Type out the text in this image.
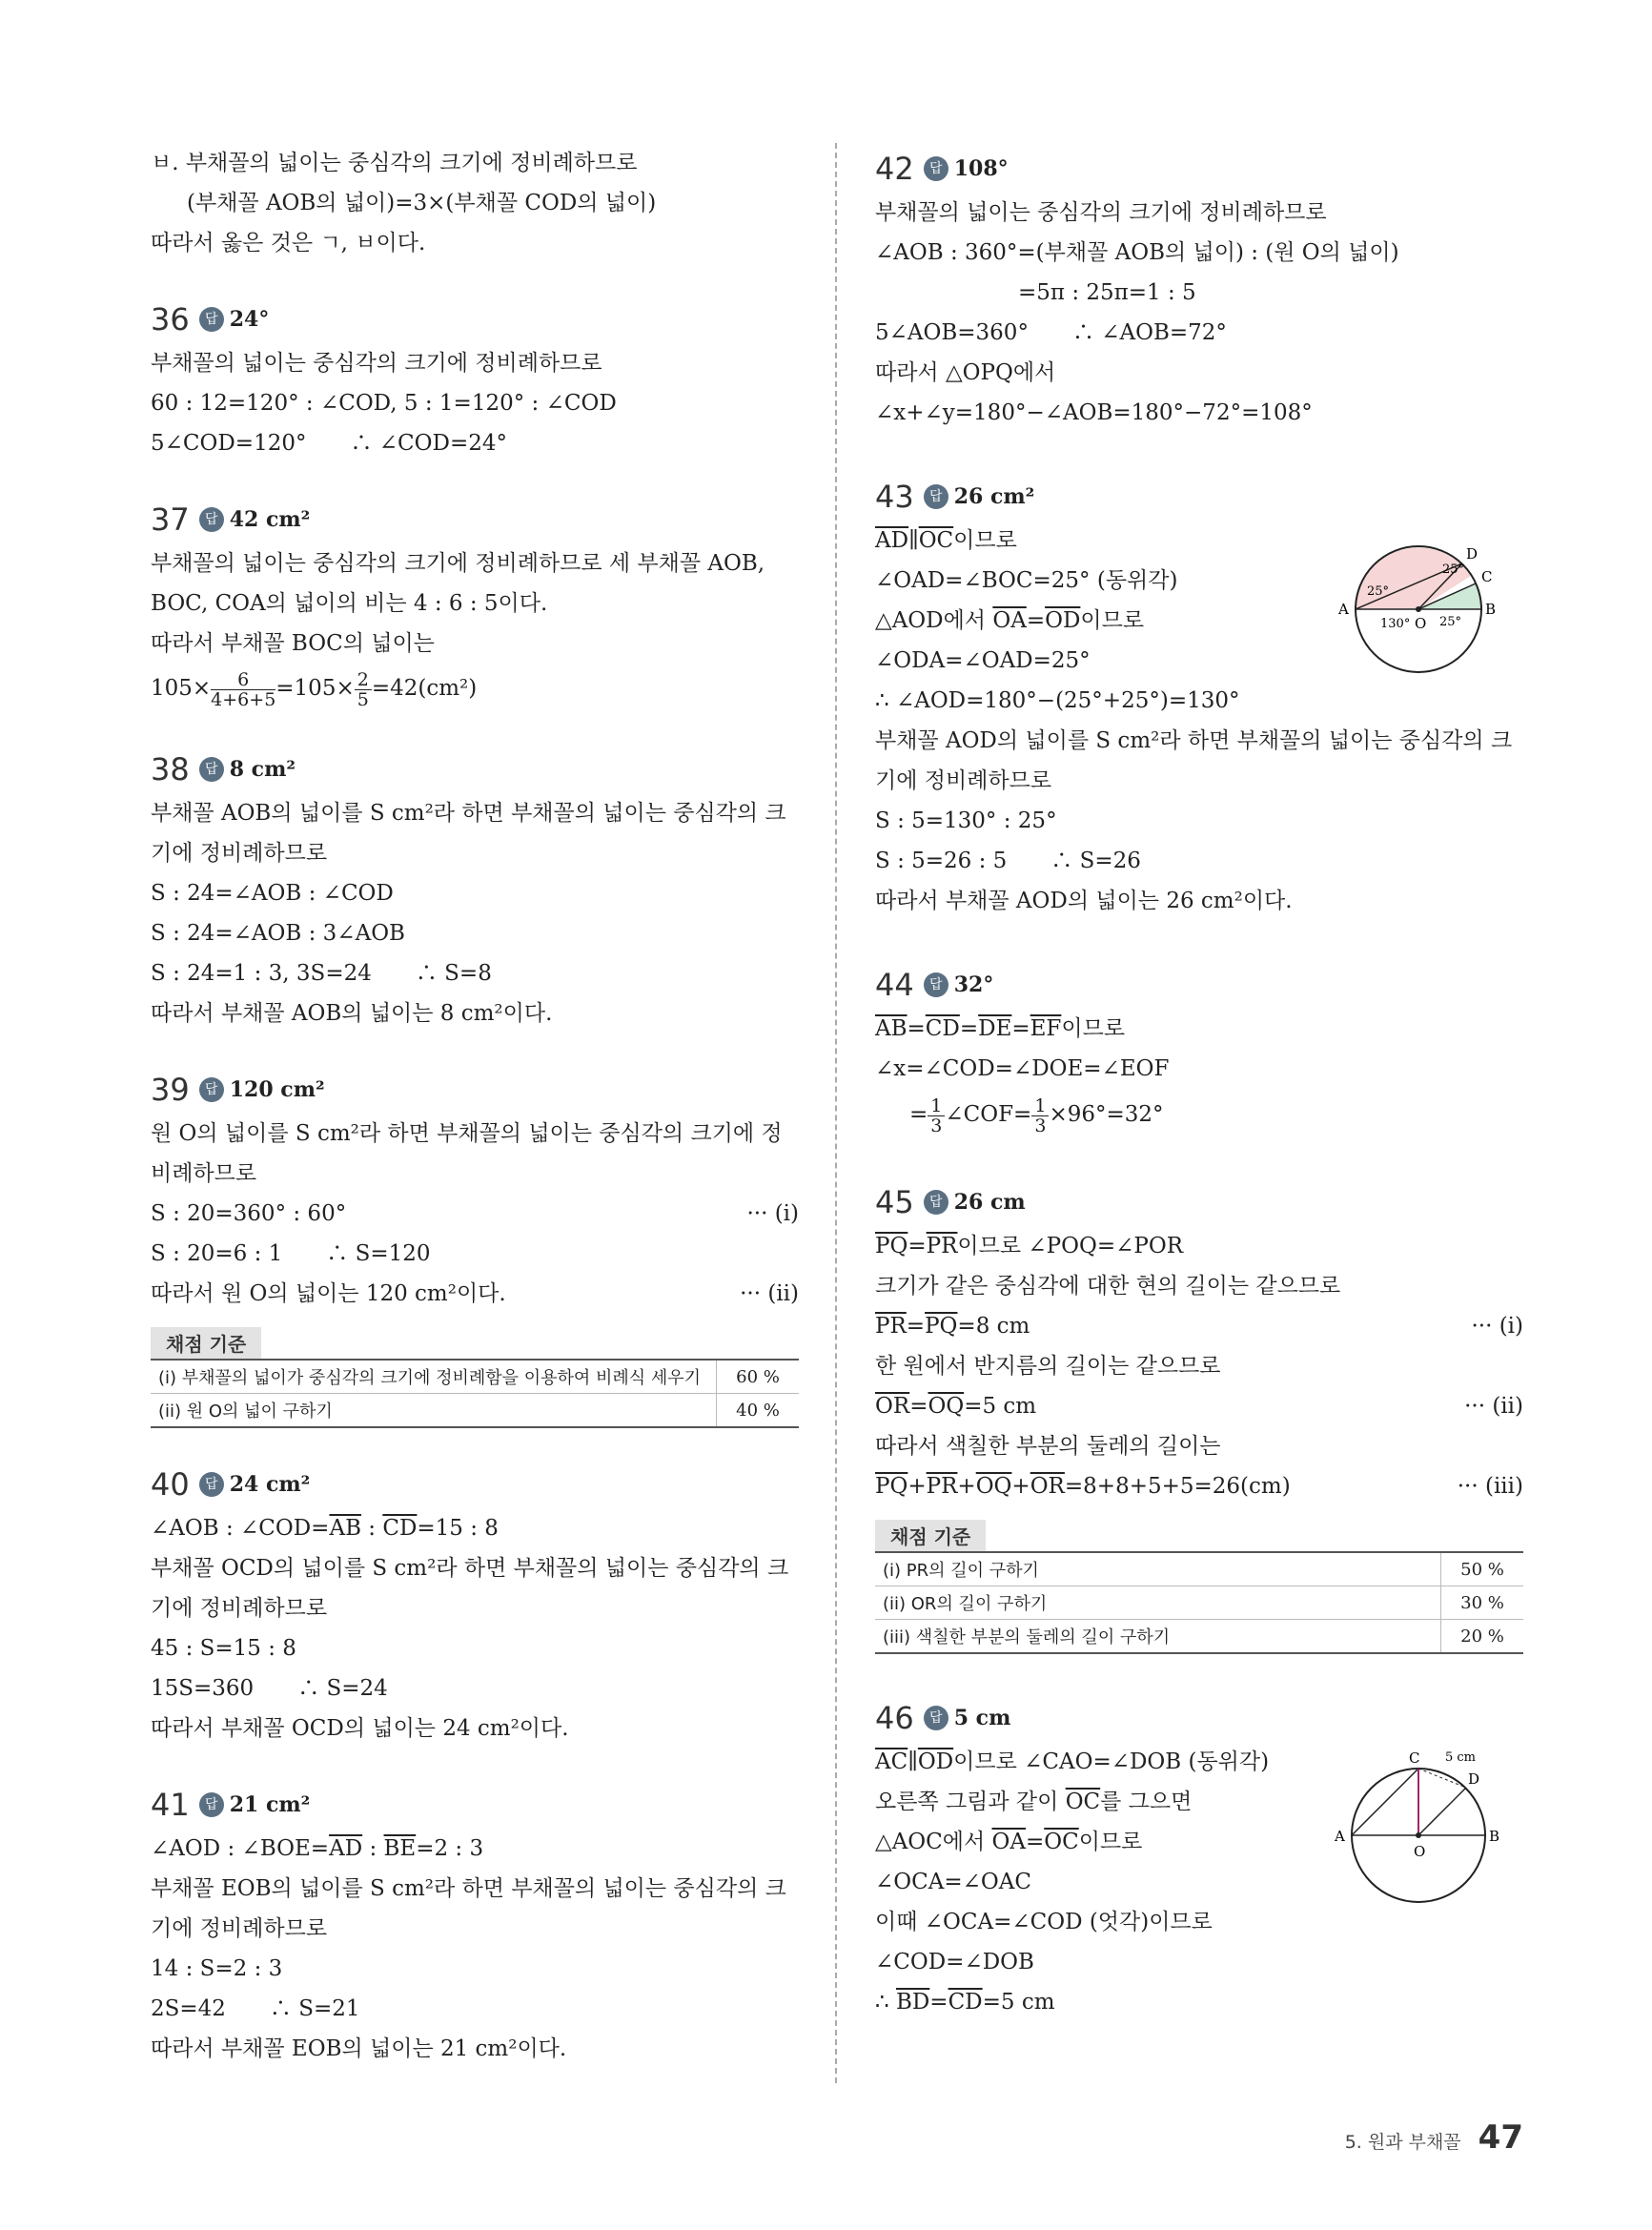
ㅂ. 부채꼴의 넓이는 중심각의 크기에 정비례하므로
(부채꼴 AOB의 넓이)=3×(부채꼴 COD의 넓이)
따라서 옳은 것은 ㄱ, ㅂ이다.
36 답 24°
부채꼴의 넓이는 중심각의 크기에 정비례하므로
60 : 12=120° : ∠COD, 5 : 1=120° : ∠COD
5∠COD=120°　　∴ ∠COD=24°
37 답 42 cm²
부채꼴의 넓이는 중심각의 크기에 정비례하므로 세 부채꼴 AOB,
BOC, COA의 넓이의 비는 4 : 6 : 5이다.
따라서 부채꼴 BOC의 넓이는
$105\times \frac{6}{4+6+5} =105\times \frac{2}{5} =42(cm^2)$
38 답 8 cm²
부채꼴 AOB의 넓이를 S cm²라 하면 부채꼴의 넓이는 중심각의 크
기에 정비례하므로
S : 24=∠AOB : ∠COD
S : 24=∠AOB : 3∠AOB
S : 24=1 : 3, 3S=24　　∴ S=8
따라서 부채꼴 AOB의 넓이는 8 cm²이다.
39 답 120 cm²
원 O의 넓이를 S cm²라 하면 부채꼴의 넓이는 중심각의 크기에 정
비례하므로
S : 20=360° : 60°	··· (i)
S : 20=6 : 1　　∴ S=120
따라서 원 O의 넓이는 120 cm²이다.	··· (ii)
채점 기준
(i) 부채꼴의 넓이가 중심각의 크기에 정비례함을 이용하여 비례식 세우기	60 %
(ii) 원 O의 넓이 구하기	40 %
40 답 24 cm²
∠AOB : $\angle COD=\overline{AB}$ : $\overline{CD}=15$ : 8
부채꼴 OCD의 넓이를 S cm²라 하면 부채꼴의 넓이는 중심각의 크
기에 정비례하므로
45 : S=15 : 8
15S=360　　∴ S=24
따라서 부채꼴 OCD의 넓이는 24 cm²이다.
41 답 21 cm²
∠AOD : $\angle BOE=\overline{AD}$ : $\overline{BE}=2$ : 3
부채꼴 EOB의 넓이를 S cm²라 하면 부채꼴의 넓이는 중심각의 크
기에 정비례하므로
14 : S=2 : 3
2S=42　　∴ S=21
따라서 부채꼴 EOB의 넓이는 21 cm²이다.
42 답 108°
부채꼴의 넓이는 중심각의 크기에 정비례하므로
∠AOB : 360°=(부채꼴 AOB의 넓이) : (원 O의 넓이)
=5π : 25π=1 : 5
5∠AOB=360°　　∴ ∠AOB=72°
따라서 △OPQ에서
∠x+∠y=180°−∠AOB=180°−72°=108°
43 답 26 cm²
$\overline{AD}\parallel\overline{OC}$이므로
∠OAD=∠BOC=25° (동위각)
△AOD에서 $\overline{OA}=\overline{OD}$이므로
∠ODA=∠OAD=25°
∴ ∠AOD=180°−(25°+25°)=130°
부채꼴 AOD의 넓이를 S cm²라 하면 부채꼴의 넓이는 중심각의 크
기에 정비례하므로
S : 5=130° : 25°
S : 5=26 : 5　　∴ S=26
따라서 부채꼴 AOD의 넓이는 26 cm²이다.
A	B
C
D
O
25°
25°
130° 25°
44 답 32°
$\overline{AB}=\overline{CD}=\overline{DE}=\overline{EF}$이므로
∠x=∠COD=∠DOE=∠EOF
= $\frac{1}{3}$ ∠COF= $\frac{1}{3} \times 96^\circ=32^\circ$
45 답 26 cm
$\overline{PQ}=\overline{PR}$이므로 ∠POQ=∠POR
크기가 같은 중심각에 대한 현의 길이는 같으므로
$\overline{PR}=\overline{PQ}=8$ cm	··· (i)
한 원에서 반지름의 길이는 같으므로
$\overline{OR}=\overline{OQ}=5$ cm	··· (ii)
따라서 색칠한 부분의 둘레의 길이는
$\overline{PQ}+\overline{PR}+\overline{OQ}+\overline{OR}=8+8+5+5=26(cm)$	··· (iii)
채점 기준
(i) PR의 길이 구하기	50 %
(ii) OR의 길이 구하기	30 %
(iii) 색칠한 부분의 둘레의 길이 구하기	20 %
46 답 5 cm
$\overline{AC}\parallel\overline{OD}$이므로 ∠CAO=∠DOB (동위각)
오른쪽 그림과 같이 $\overline{OC}$를 그으면
△AOC에서 $\overline{OA}=\overline{OC}$이므로
∠OCA=∠OAC
이때 ∠OCA=∠COD (엇각)이므로
∠COD=∠DOB
∴ $\overline{BD}=\overline{CD}=5$ cm
A	B
C
D
O
5 cm
5. 원과 부채꼴 47
